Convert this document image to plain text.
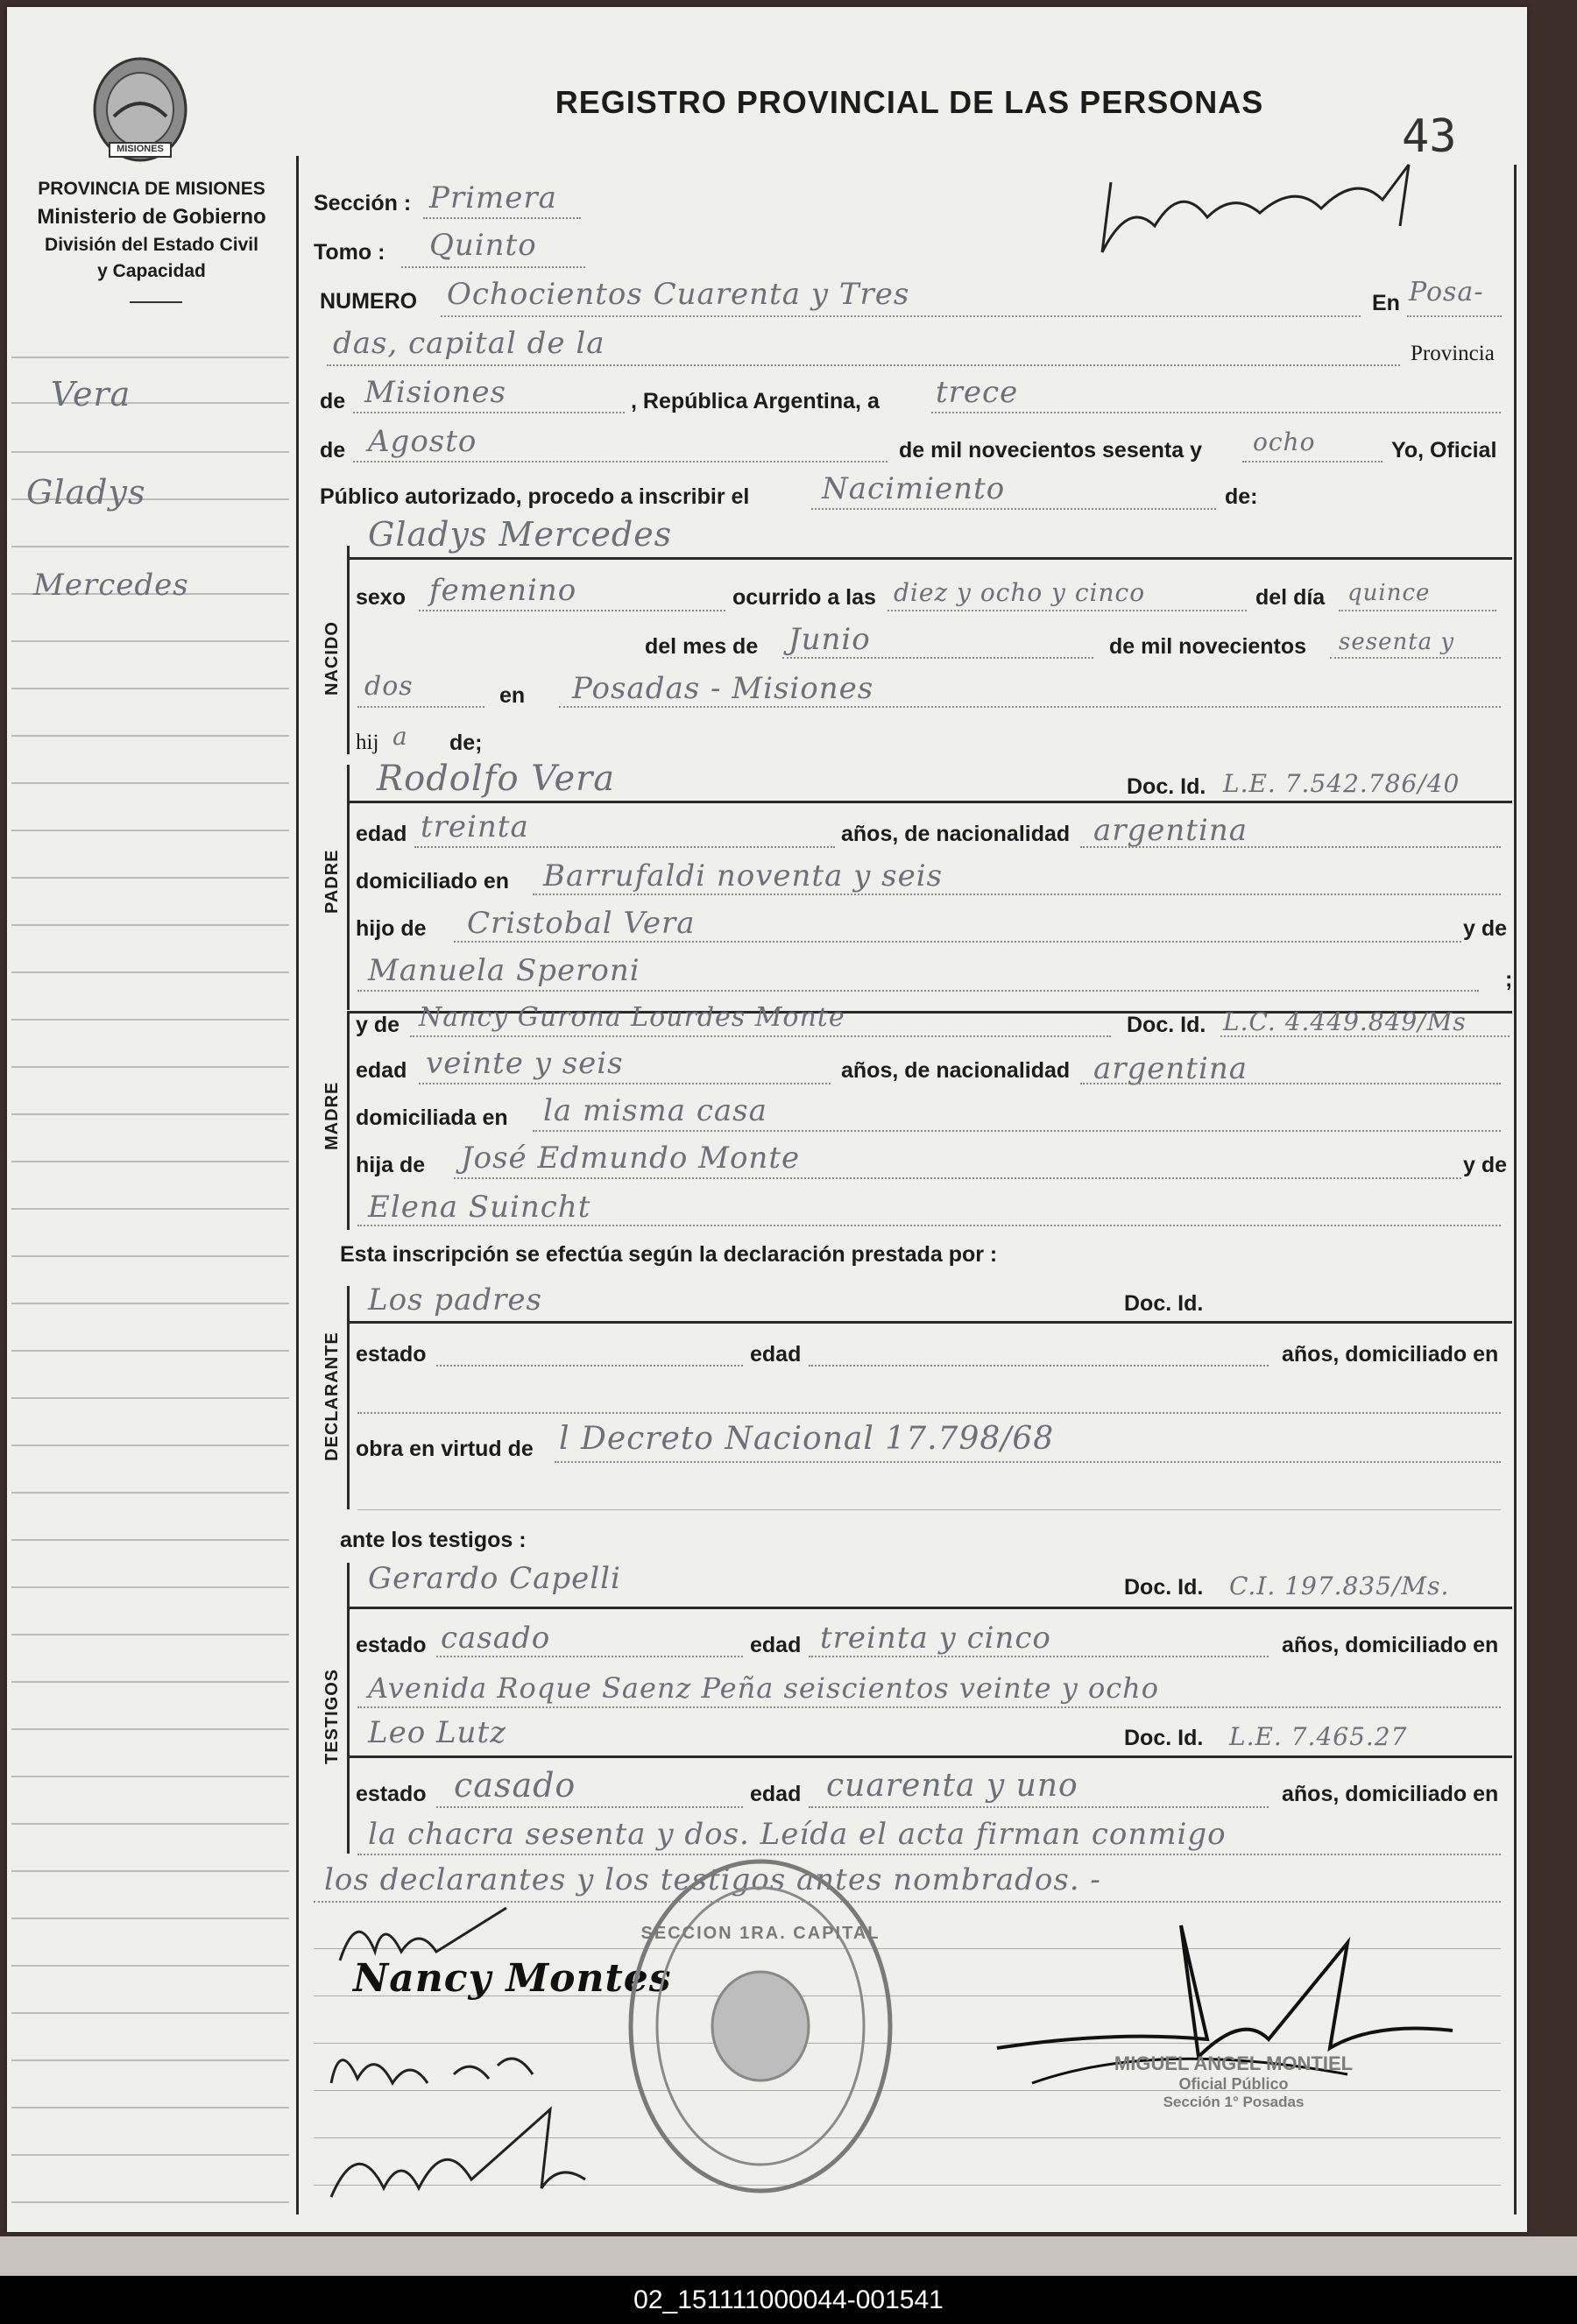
MISIONES
PROVINCIA DE MISIONES
Ministerio de Gobierno
División del Estado Civil
y Capacidad
REGISTRO PROVINCIAL DE LAS PERSONAS
43
Vera
Gladys
Mercedes
Sección : Primera
Tomo : Quinto
NUMERO Ochocientos Cuarenta y Tres	En Posa-
das, capital de la	Provincia
de Misiones	, República Argentina, a trece
de Agosto	de mil novecientos sesenta y ocho	Yo, Oficial
Público autorizado, procedo a inscribir el Nacimiento	de:
NACIDO
Gladys Mercedes
sexo femenino	ocurrido a las diez y ocho y cinco	del día quince
del mes de Junio	de mil novecientos sesenta y
dos	en Posadas - Misiones
hij a de;
PADRE
Rodolfo Vera	Doc. Id. L.E. 7.542.786/40
edad treinta	años, de nacionalidad argentina
domiciliado en Barrufaldi noventa y seis
hijo de Cristobal Vera	y de
Manuela Speroni	;
MADRE
y de Nancy Gurona Lourdes Monte	Doc. Id. L.C. 4.449.849/Ms
edad veinte y seis	años, de nacionalidad argentina
domiciliada en la misma casa
hija de José Edmundo Monte	y de
Elena Suincht
Esta inscripción se efectúa según la declaración prestada por :
DECLARANTE
Los padres	Doc. Id.
estado	edad	años, domiciliado en
obra en virtud de l Decreto Nacional 17.798/68
ante los testigos :
TESTIGOS
Gerardo Capelli	Doc. Id. C.I. 197.835/Ms.
estado casado	edad treinta y cinco	años, domiciliado en
Avenida Roque Saenz Peña seiscientos veinte y ocho
Leo Lutz	Doc. Id. L.E. 7.465.27
estado casado	edad cuarenta y uno	años, domiciliado en
la chacra sesenta y dos. Leída el acta firman conmigo
los declarantes y los testigos antes nombrados. -
Nancy Montes
SECCION 1RA. CAPITAL
MIGUEL ANGEL MONTIEL
Oficial Público
Sección 1° Posadas
02_151111000044-001541
